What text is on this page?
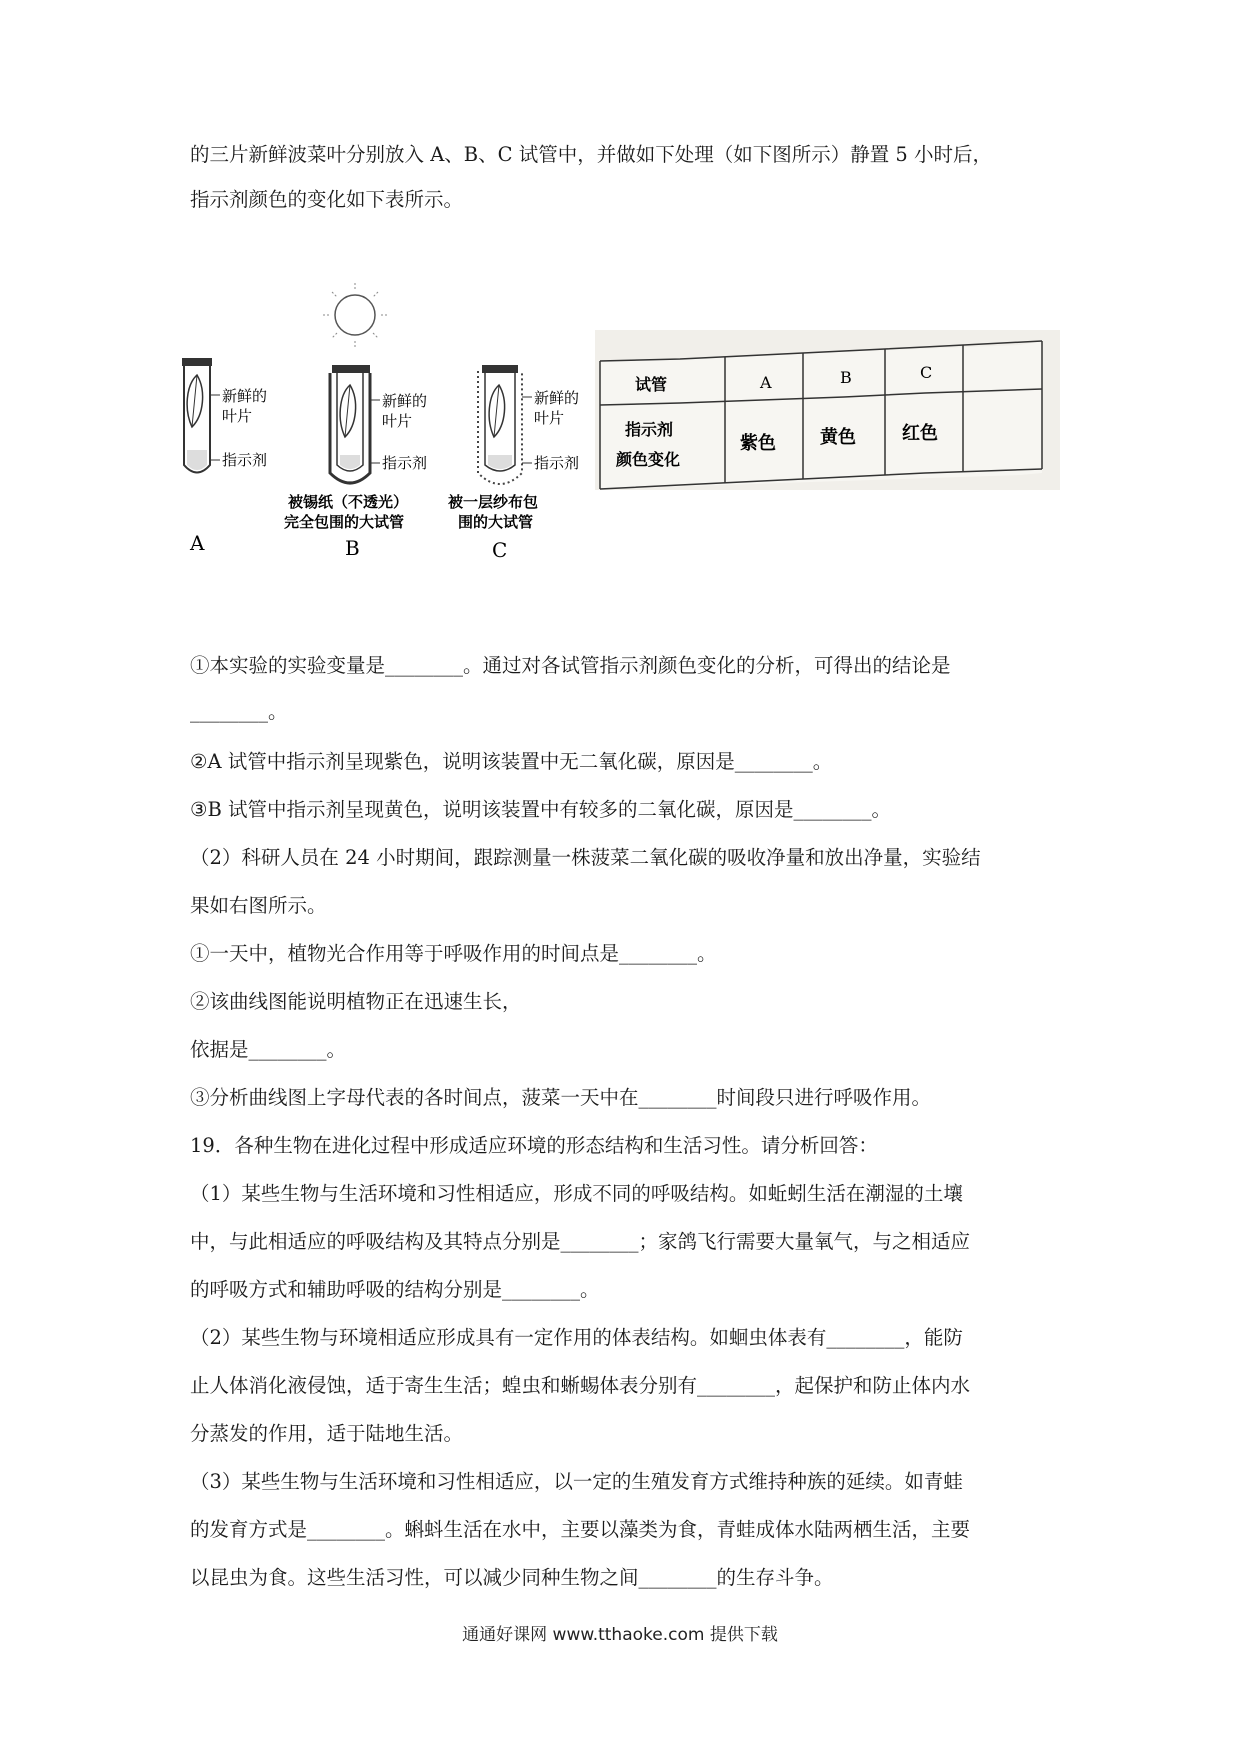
的三片新鲜波菜叶分别放入 A、B、C 试管中，并做如下处理（如下图所示）静置 5 小时后，
指示剂颜色的变化如下表所示。
新鲜的
叶片
指示剂
A
新鲜的
叶片
指示剂
被锡纸（不透光）
完全包围的大试管
B
新鲜的
叶片
指示剂
被一层纱布包
围的大试管
C
试管	A	B	C
指示剂
颜色变化
紫色 黄色	红色
①本实验的实验变量是________。通过对各试管指示剂颜色变化的分析，可得出的结论是
________。
②A 试管中指示剂呈现紫色，说明该装置中无二氧化碳，原因是________。
③B 试管中指示剂呈现黄色，说明该装置中有较多的二氧化碳，原因是________。
（2）科研人员在 24 小时期间，跟踪测量一株菠菜二氧化碳的吸收净量和放出净量，实验结
果如右图所示。
①一天中，植物光合作用等于呼吸作用的时间点是________。
②该曲线图能说明植物正在迅速生长，
依据是________。
③分析曲线图上字母代表的各时间点，菠菜一天中在________时间段只进行呼吸作用。
19．各种生物在进化过程中形成适应环境的形态结构和生活习性。请分析回答：
（1）某些生物与生活环境和习性相适应，形成不同的呼吸结构。如蚯蚓生活在潮湿的土壤
中，与此相适应的呼吸结构及其特点分别是________；家鸽飞行需要大量氧气，与之相适应
的呼吸方式和辅助呼吸的结构分别是________。
（2）某些生物与环境相适应形成具有一定作用的体表结构。如蛔虫体表有________，能防
止人体消化液侵蚀，适于寄生生活；蝗虫和蜥蜴体表分别有________，起保护和防止体内水
分蒸发的作用，适于陆地生活。
（3）某些生物与生活环境和习性相适应，以一定的生殖发育方式维持种族的延续。如青蛙
的发育方式是________。蝌蚪生活在水中，主要以藻类为食，青蛙成体水陆两栖生活，主要
以昆虫为食。这些生活习性，可以减少同种生物之间________的生存斗争。
通通好课网 www.tthaoke.com 提供下载
